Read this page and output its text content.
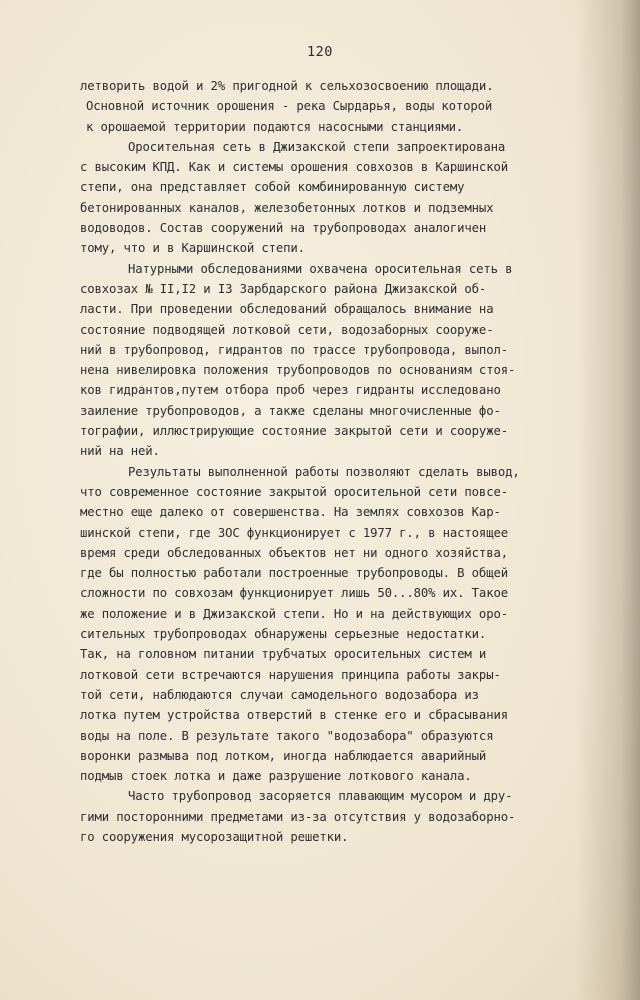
120
летворить водой и 2% пригодной к сельхозосвоению площади.
Основной источник орошения - река Сырдарья, воды которой
к орошаемой территории подаются насосными станциями.
Оросительная сеть в Джизакской степи запроектирована
с высоким КПД. Как и системы орошения совхозов в Каршинской
степи, она представляет собой комбинированную систему
бетонированных каналов, железобетонных лотков и подземных
водоводов. Состав сооружений на трубопроводах аналогичен
тому, что и в Каршинской степи.
Натурными обследованиями охвачена оросительная сеть в
совхозах № II,I2 и I3 Зарбдарского района Джизакской об-
ласти. При проведении обследований обращалось внимание на
состояние подводящей лотковой сети, водозаборных сооруже-
ний в трубопровод, гидрантов по трассе трубопровода, выпол-
нена нивелировка положения трубопроводов по основаниям стоя-
ков гидрантов,путем отбора проб через гидранты исследовано
заиление трубопроводов, а также сделаны многочисленные фо-
тографии, иллюстрирующие состояние закрытой сети и сооруже-
ний на ней.
Результаты выполненной работы позволяют сделать вывод,
что современное состояние закрытой оросительной сети повсе-
местно еще далеко от совершенства. На землях совхозов Кар-
шинской степи, где ЗОС функционирует с 1977 г., в настоящее
время среди обследованных объектов нет ни одного хозяйства,
где бы полностью работали построенные трубопроводы. В общей
сложности по совхозам функционирует лишь 50...80% их. Такое
же положение и в Джизакской степи. Но и на действующих оро-
сительных трубопроводах обнаружены серьезные недостатки.
Так, на головном питании трубчатых оросительных систем и
лотковой сети встречаются нарушения принципа работы закры-
той сети, наблюдаются случаи самодельного водозабора из
лотка путем устройства отверстий в стенке его и сбрасывания
воды на поле. В результате такого "водозабора" образуются
воронки размыва под лотком, иногда наблюдается аварийный
подмыв стоек лотка и даже разрушение лоткового канала.
Часто трубопровод засоряется плавающим мусором и дру-
гими посторонними предметами из-за отсутствия у водозаборно-
го сооружения мусорозащитной решетки.
